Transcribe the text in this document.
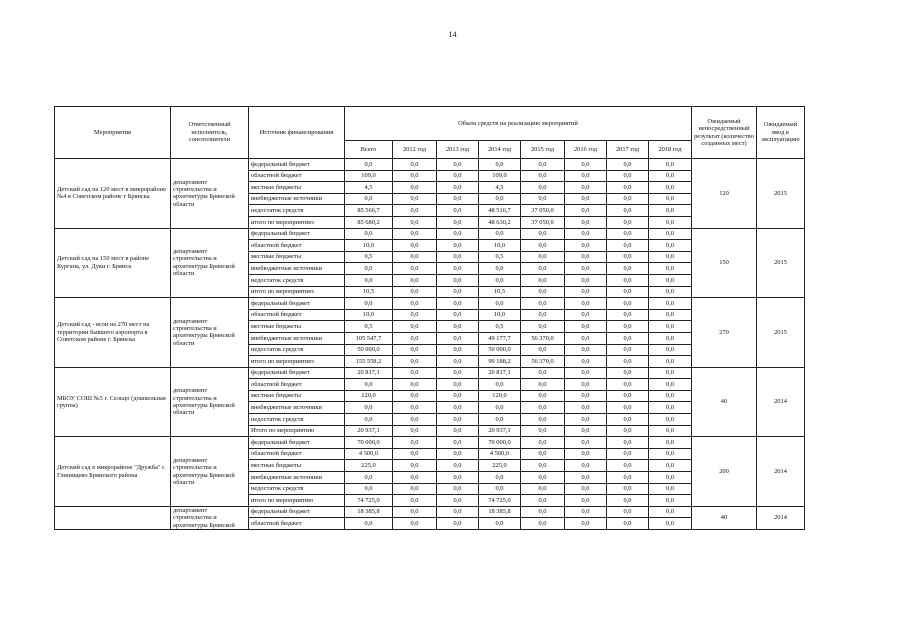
14
Мероприятия	Ответственный исполнитель, соисполнители	Источник финансирования	Объем средств на реализацию мероприятий								Ожидаемый непосредственный результат (количество созданных мест)	Ожидаемый ввод в эксплуатацию
			Всего	2012 год	2013 год	2014 год	2015 год	2016 год	2017 год	2018 год		
Детский сад на 120 мест в микрорайоне №4 в Советском районе г Брянска	департамент строительства и архитектуры Брянской области	федеральный бюджет	0,0	0,0	0,0	0,0	0,0	0,0	0,0	0,0	120	2015
		областной бюджет	109,0	0,0	0,0	109,0	0,0	0,0	0,0	0,0		
		местные бюджеты	4,5	0,0	0,0	4,5	0,0	0,0	0,0	0,0		
		внебюджетные источники	0,0	0,0	0,0	0,0	0,0	0,0	0,0	0,0		
		недостаток средств	85 566,7	0,0	0,0	48 516,7	37 050,0	0,0	0,0	0,0		
		итого по мероприятию:	85 680,2	0,0	0,0	48 630,2	37 050,0	0,0	0,0	0,0		
Детский сад на 150 мест в районе Кургана, ул. Дуки г. Брянск	департамент строительства и архитектуры Брянской области	федеральный бюджет	0,0	0,0	0,0	0,0	0,0	0,0	0,0	0,0	150	2015
		областной бюджет	10,0	0,0	0,0	10,0	0,0	0,0	0,0	0,0		
		местные бюджеты	0,5	0,0	0,0	0,5	0,0	0,0	0,0	0,0		
		внебюджетные источники	0,0	0,0	0,0	0,0	0,0	0,0	0,0	0,0		
		недостаток средств	0,0	0,0	0,0	0,0	0,0	0,0	0,0	0,0		
		итого по мероприятию:	10,5	0,0	0,0	10,5	0,0	0,0	0,0	0,0		
Детский сад - ясли на 270 мест на территории бывшего аэропорта в Советском районе г. Брянска	департамент строительства и архитектуры Брянской области	федеральный бюджет	0,0	0,0	0,0	0,0	0,0	0,0	0,0	0,0	270	2015
		областной бюджет	10,0	0,0	0,0	10,0	0,0	0,0	0,0	0,0		
		местные бюджеты	0,5	0,0	0,0	0,5	0,0	0,0	0,0	0,0		
		внебюджетные источники	105 547,7	0,0	0,0	49 177,7	56 370,0	0,0	0,0	0,0		
		недостаток средств	50 000,0	0,0	0,0	50 000,0	0,0	0,0	0,0	0,0		
		итого по мероприятию:	155 558,2	0,0	0,0	99 188,2	56 370,0	0,0	0,0	0,0		
МБОУ СОШ №5 г. Сельцо (дошкольная группа)	департамент строительства и архитектуры Брянской области	федеральный бюджет	20 817,1	0,0	0,0	20 817,1	0,0	0,0	0,0	0,0	40	2014
		областной бюджет	0,0	0,0	0,0	0,0	0,0	0,0	0,0	0,0		
		местные бюджеты	120,0	0,0	0,0	120,0	0,0	0,0	0,0	0,0		
		внебюджетные источники	0,0	0,0	0,0	0,0	0,0	0,0	0,0	0,0		
		недостаток средств	0,0	0,0	0,0	0,0	0,0	0,0	0,0	0,0		
		Итого по мероприятию	20 937,1	0,0	0,0	20 937,1	0,0	0,0	0,0	0,0		
Детский сад в микрорайоне "Дружба" с Глинищево Брянского района	департамент строительства и архитектуры Брянской области	федеральный бюджет	70 000,0	0,0	0,0	70 000,0	0,0	0,0	0,0	0,0	200	2014
		областной бюджет	4 500,0	0,0	0,0	4 500,0	0,0	0,0	0,0	0,0		
		местные бюджеты	225,0	0,0	0,0	225,0	0,0	0,0	0,0	0,0		
		внебюджетные источники	0,0	0,0	0,0	0,0	0,0	0,0	0,0	0,0		
		недостаток средств	0,0	0,0	0,0	0,0	0,0	0,0	0,0	0,0		
		итого по мероприятию	74 725,0	0,0	0,0	74 725,0	0,0	0,0	0,0	0,0		
	департамент строительства и архитектуры Брянской	федеральный бюджет	18 385,8	0,0	0,0	18 385,8	0,0	0,0	0,0	0,0	40	2014
		областной бюджет	0,0	0,0	0,0	0,0	0,0	0,0	0,0	0,0		
